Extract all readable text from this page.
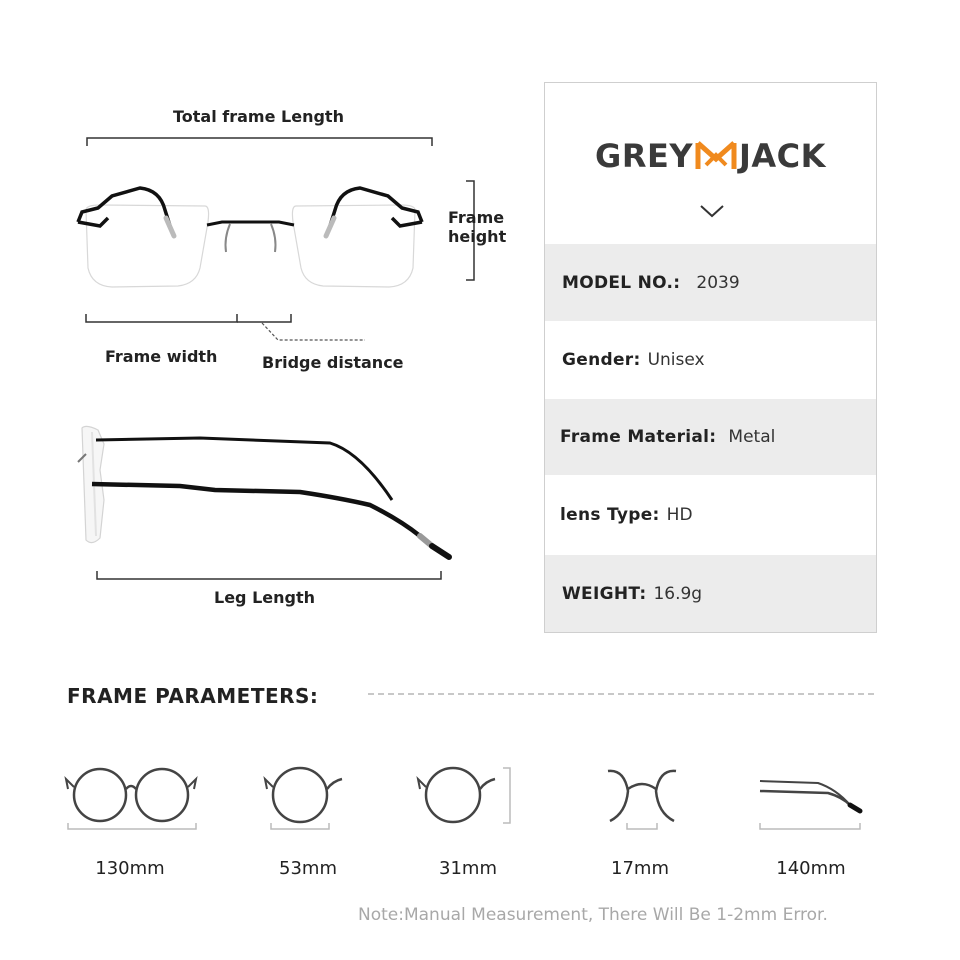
Total frame Length
Frame
height
Frame width	Bridge distance
Leg Length
GREY JACK
MODEL NO.: 2039
Gender: Unisex
Frame Material: Metal
lens Type: HD
WEIGHT: 16.9g
FRAME PARAMETERS:
130mm	53mm	31mm	17mm	140mm
Note:Manual Measurement, There Will Be 1-2mm Error.
